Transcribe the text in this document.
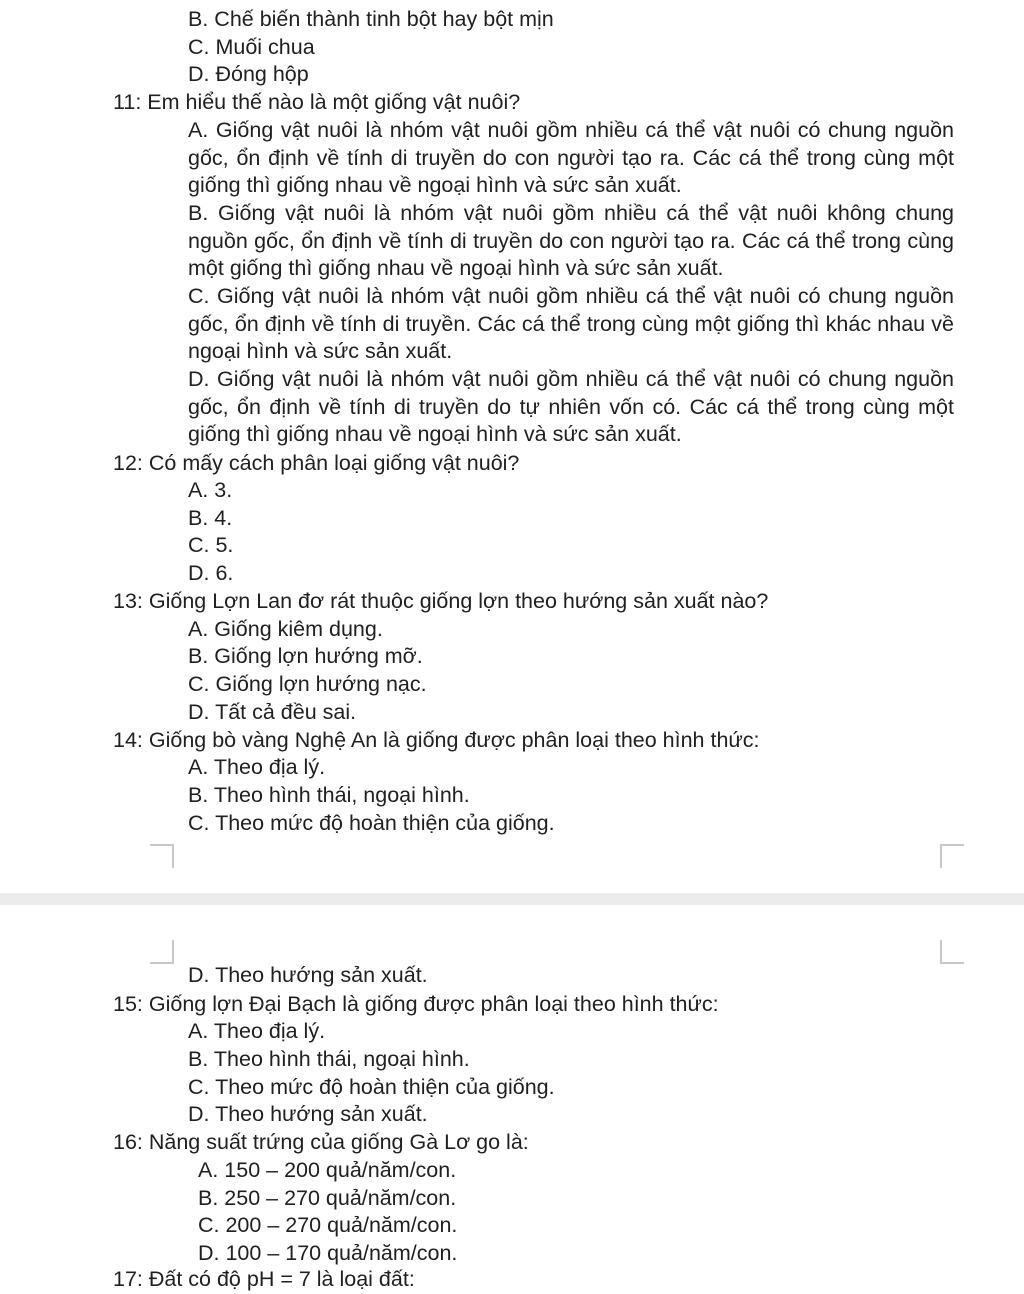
B. Chế biến thành tinh bột hay bột mịn
C. Muối chua
D. Đóng hộp
11: Em hiểu thế nào là một giống vật nuôi?
A. Giống vật nuôi là nhóm vật nuôi gồm nhiều cá thể vật nuôi có chung nguồn gốc, ổn định về tính di truyền do con người tạo ra. Các cá thể trong cùng một giống thì giống nhau về ngoại hình và sức sản xuất.
B. Giống vật nuôi là nhóm vật nuôi gồm nhiều cá thể vật nuôi không chung nguồn gốc, ổn định về tính di truyền do con người tạo ra. Các cá thể trong cùng một giống thì giống nhau về ngoại hình và sức sản xuất.
C. Giống vật nuôi là nhóm vật nuôi gồm nhiều cá thể vật nuôi có chung nguồn gốc, ổn định về tính di truyền. Các cá thể trong cùng một giống thì khác nhau về ngoại hình và sức sản xuất.
D. Giống vật nuôi là nhóm vật nuôi gồm nhiều cá thể vật nuôi có chung nguồn gốc, ổn định về tính di truyền do tự nhiên vốn có. Các cá thể trong cùng một giống thì giống nhau về ngoại hình và sức sản xuất.
12: Có mấy cách phân loại giống vật nuôi?
A. 3.
B. 4.
C. 5.
D. 6.
13: Giống Lợn Lan đơ rát thuộc giống lợn theo hướng sản xuất nào?
A. Giống kiêm dụng.
B. Giống lợn hướng mỡ.
C. Giống lợn hướng nạc.
D. Tất cả đều sai.
14: Giống bò vàng Nghệ An là giống được phân loại theo hình thức:
A. Theo địa lý.
B. Theo hình thái, ngoại hình.
C. Theo mức độ hoàn thiện của giống.
D. Theo hướng sản xuất.
15: Giống lợn Đại Bạch là giống được phân loại theo hình thức:
A. Theo địa lý.
B. Theo hình thái, ngoại hình.
C. Theo mức độ hoàn thiện của giống.
D. Theo hướng sản xuất.
16: Năng suất trứng của giống Gà Lơ go là:
A. 150 – 200 quả/năm/con.
B. 250 – 270 quả/năm/con.
C. 200 – 270 quả/năm/con.
D. 100 – 170 quả/năm/con.
17: Đất có độ pH = 7 là loại đất:
